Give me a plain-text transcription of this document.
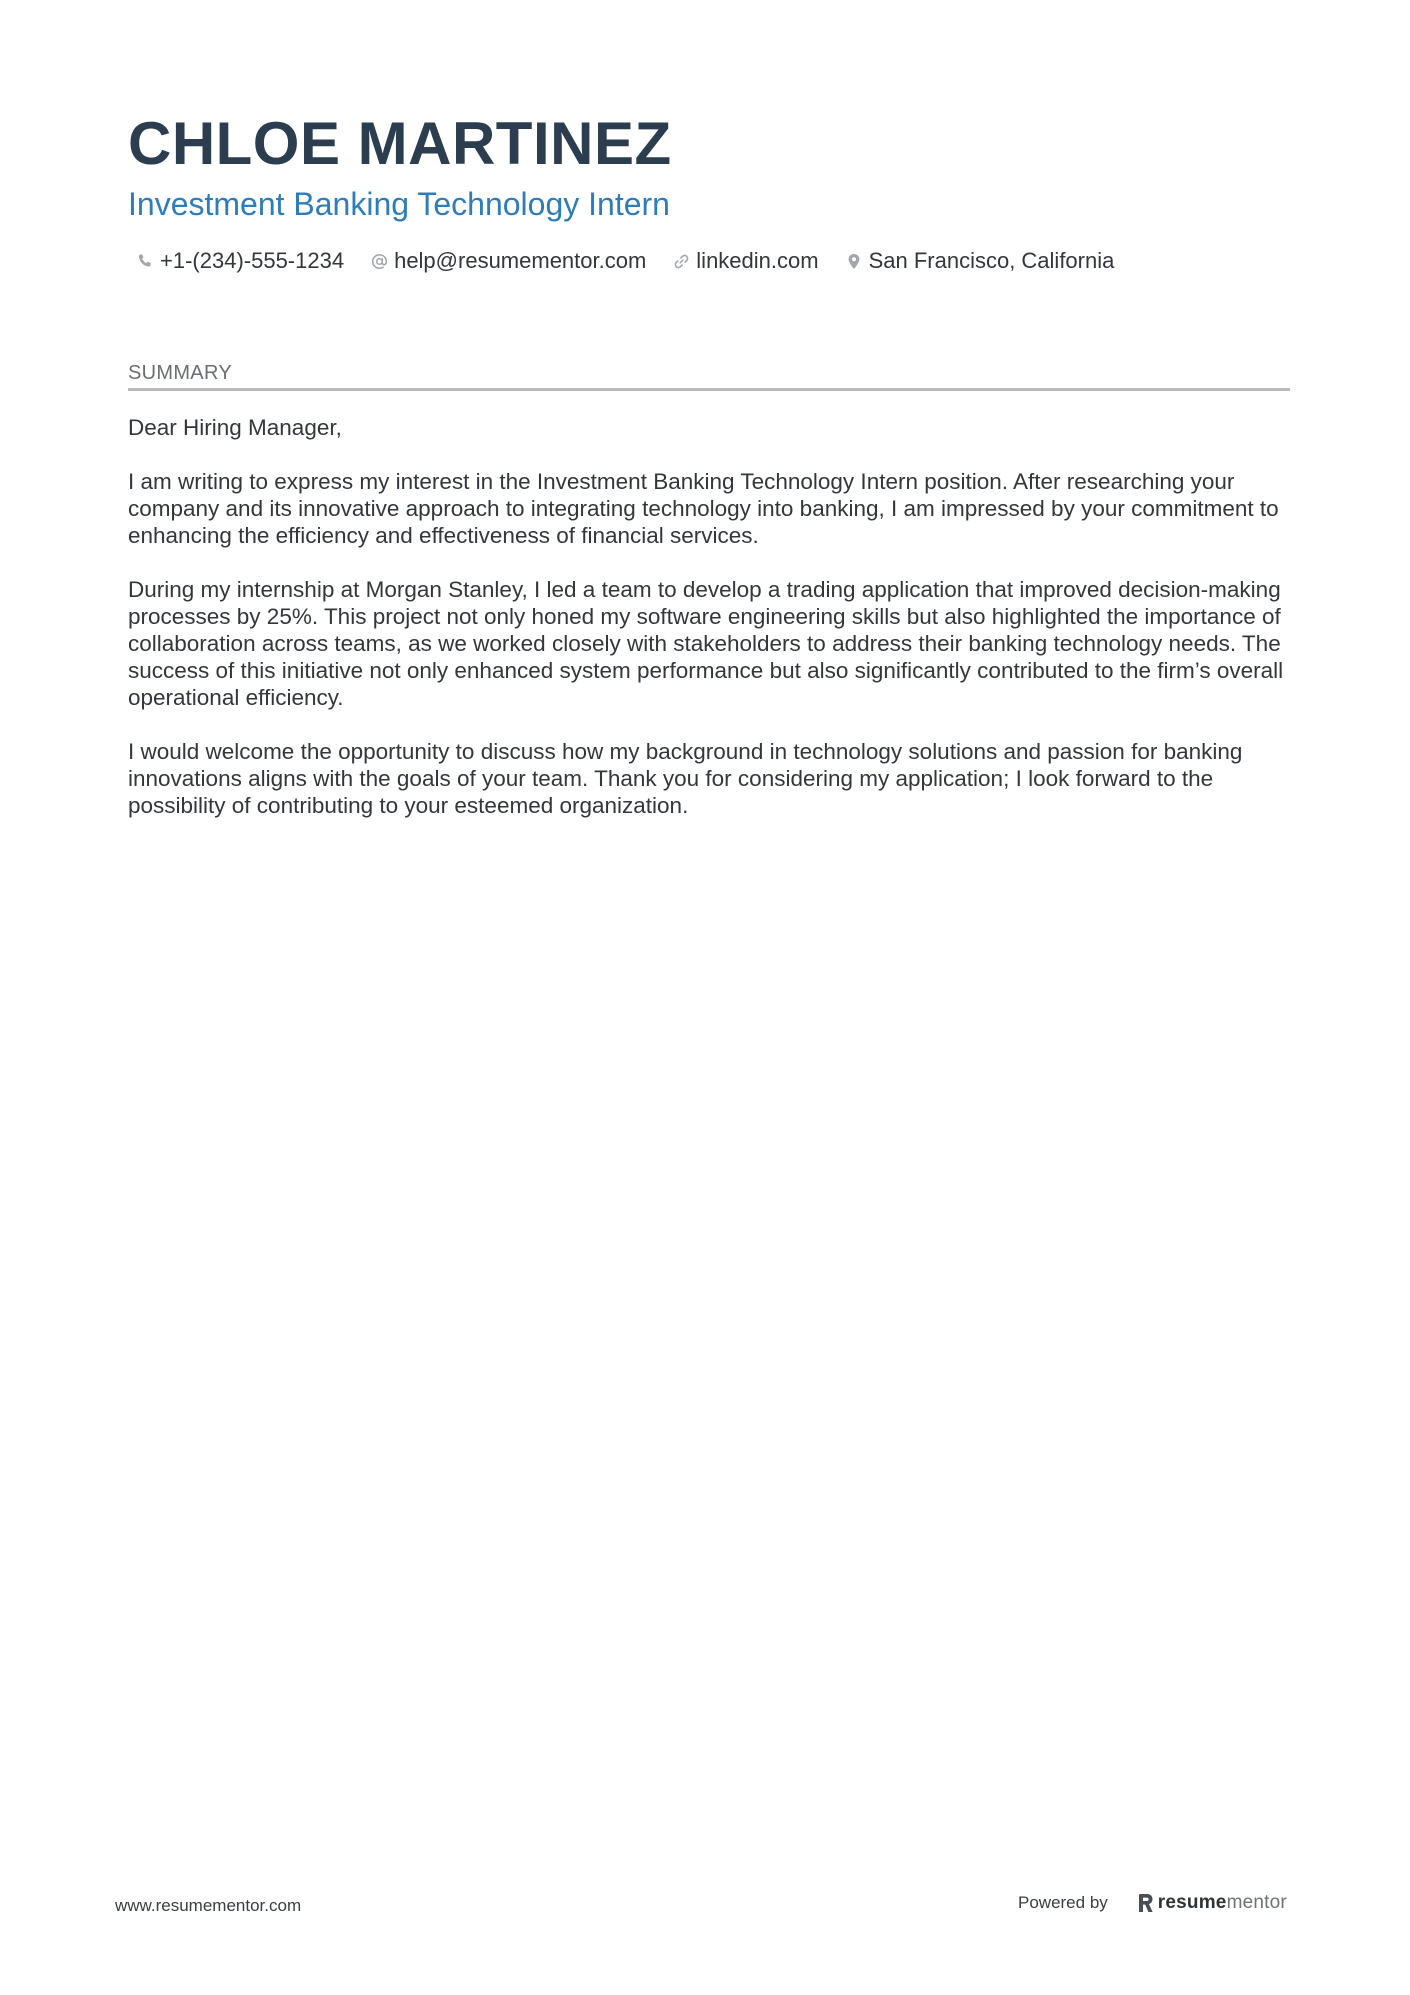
CHLOE MARTINEZ
Investment Banking Technology Intern
+1-(234)-555-1234 help@resumementor.com linkedin.com San Francisco, California
SUMMARY

Dear Hiring Manager,

I am writing to express my interest in the Investment Banking Technology Intern position. After researching your company and its innovative approach to integrating technology into banking, I am impressed by your commitment to enhancing the efficiency and effectiveness of financial services.

During my internship at Morgan Stanley, I led a team to develop a trading application that improved decision-making processes by 25%. This project not only honed my software engineering skills but also highlighted the importance of collaboration across teams, as we worked closely with stakeholders to address their banking technology needs. The success of this initiative not only enhanced system performance but also significantly contributed to the firm’s overall operational efficiency.

I would welcome the opportunity to discuss how my background in technology solutions and passion for banking innovations aligns with the goals of your team. Thank you for considering my application; I look forward to the possibility of contributing to your esteemed organization.

www.resumementor.com	Powered by	resume mentor
